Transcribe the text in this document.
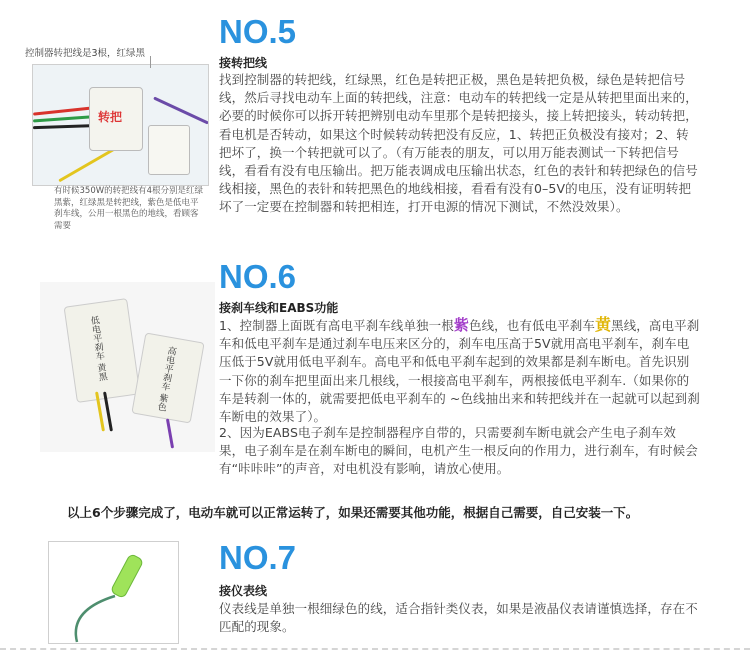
控制器转把线是3根，红绿黑
转把
有时候350W的转把线有4根分别是红绿黑紫，红绿黑是转把线，紫色是低电平刹车线，公用一根黑色的地线，看顾客需要
NO.5
接转把线
找到控制器的转把线，红绿黑，红色是转把正极，黑色是转把负极，绿色是转把信号线，然后寻找电动车上面的转把线，注意：电动车的转把线一定是从转把里面出来的，必要的时候你可以拆开转把辨别电动车里那个是转把接头，接上转把接头，转动转把，看电机是否转动，如果这个时候转动转把没有反应，1、转把正负极没有接对；2、转把坏了，换一个转把就可以了。（有万能表的朋友，可以用万能表测试一下转把信号线，看看有没有电压输出。把万能表调成电压输出状态，红色的表针和转把绿色的信号线相接，黑色的表针和转把黑色的地线相接，看看有没有0–5V的电压，没有证明转把坏了一定要在控制器和转把相连，打开电源的情况下测试，不然没效果）。
低电平刹车 黄黑	高电平刹车 紫色
NO.6
接刹车线和EABS功能
1、控制器上面既有高电平刹车线单独一根紫色线，也有低电平刹车黄黑线，高电平刹车和低电平刹车是通过刹车电压来区分的，刹车电压高于5V就用高电平刹车，刹车电压低于5V就用低电平刹车。高电平和低电平刹车起到的效果都是刹车断电。首先识别一下你的刹车把里面出来几根线，一根接高电平刹车，两根接低电平刹车.（如果你的车是转刹一体的，就需要把低电平刹车的 ~色线抽出来和转把线并在一起就可以起到刹车断电的效果了）。
2、因为EABS电子刹车是控制器程序自带的，只需要刹车断电就会产生电子刹车效果，电子刹车是在刹车断电的瞬间，电机产生一根反向的作用力，进行刹车，有时候会有“咔咔咔”的声音，对电机没有影响，请放心使用。
以上6个步骤完成了，电动车就可以正常运转了，如果还需要其他功能，根据自己需要，自己安装一下。
NO.7
接仪表线
仪表线是单独一根细绿色的线，适合指针类仪表，如果是液晶仪表请谨慎选择，存在不匹配的现象。
